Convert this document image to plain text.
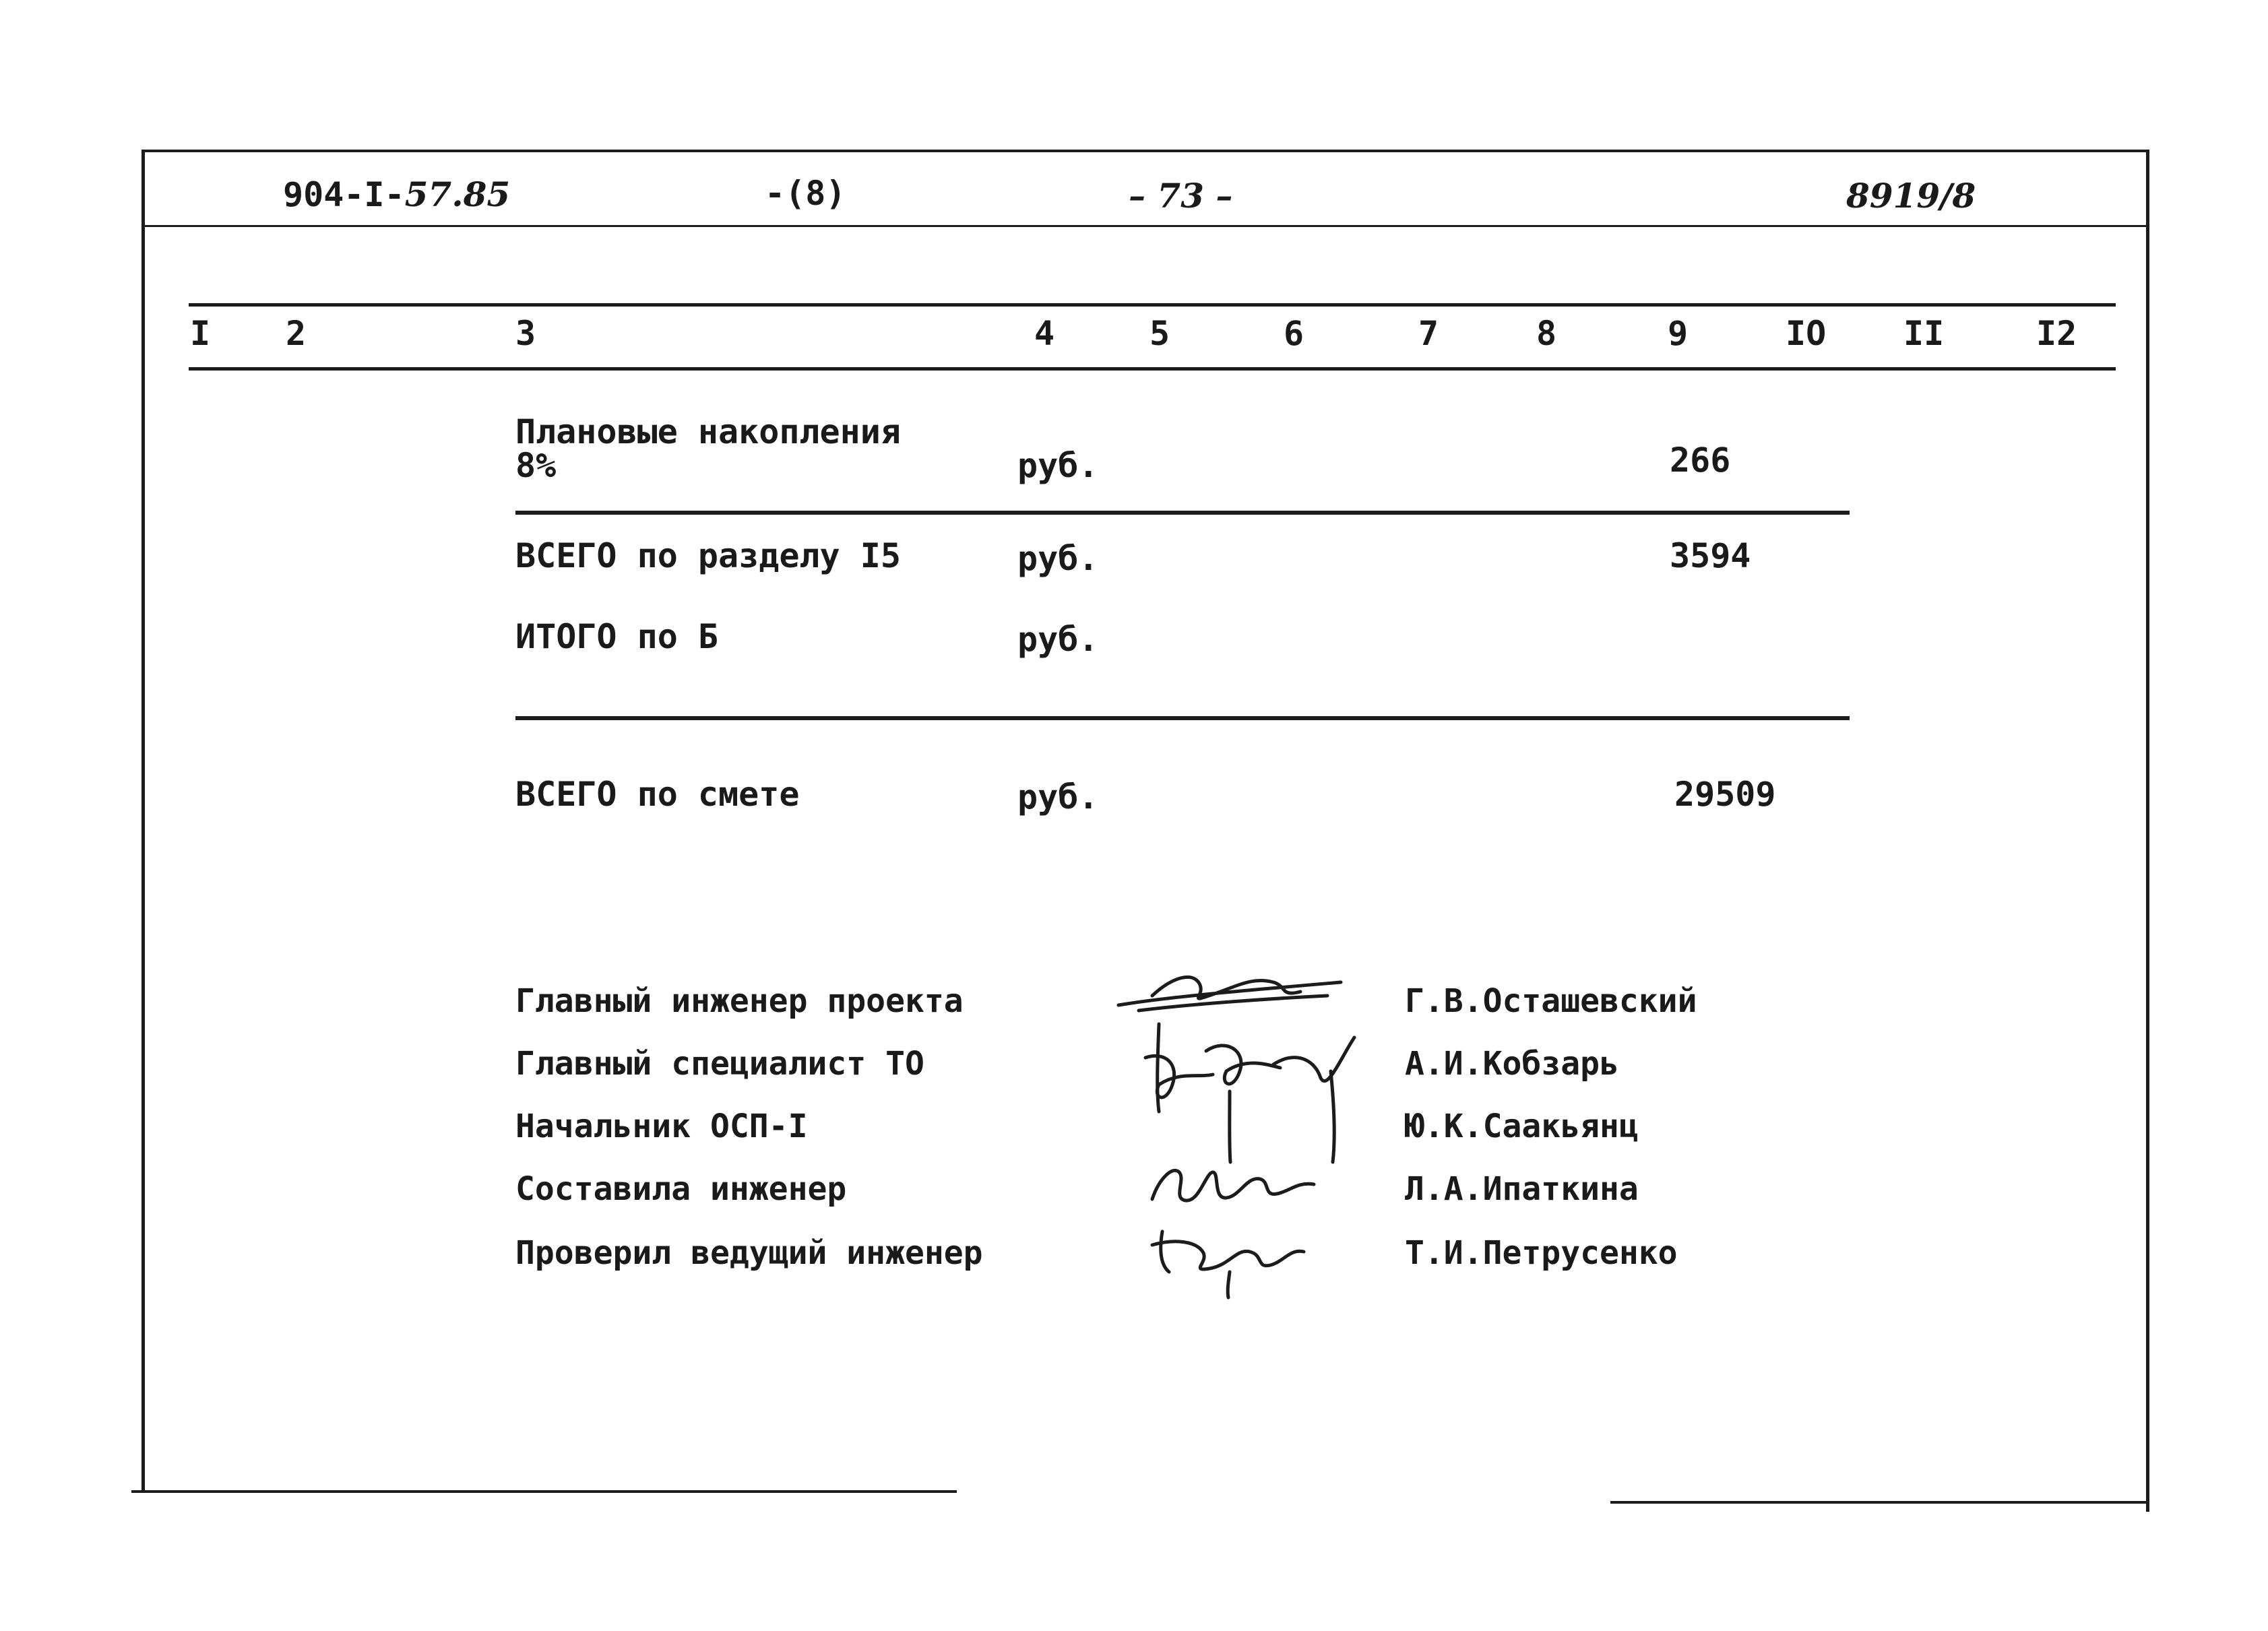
904-I-57.85	-(8)	– 73 –	8919/8
I 2	3	4	5	6	7	8	9	IO II	I2
Плановые накопления
8%	руб.	266
ВСЕГО по разделу I5	руб.	3594
ИТОГО по Б	руб.
ВСЕГО по смете	руб.	29509
Главный инженер проекта	Г.В.Осташевский
Главный специалист ТО	А.И.Кобзарь
Начальник ОСП-I	Ю.К.Саакьянц
Составила инженер	Л.А.Ипаткина
Проверил ведущий инженер	Т.И.Петрусенко
